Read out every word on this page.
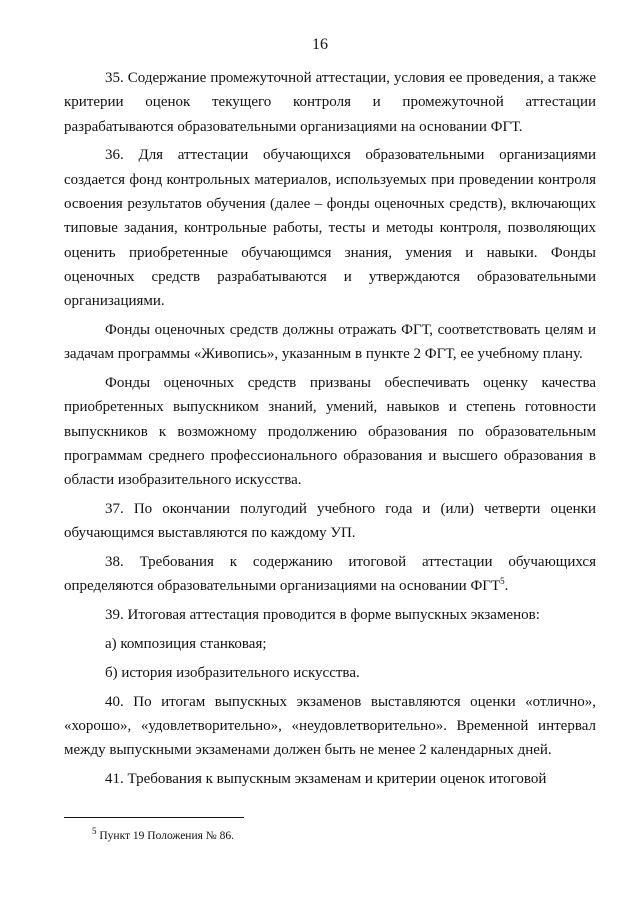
16

35. Содержание промежуточной аттестации, условия ее проведения, а также критерии оценок текущего контроля и промежуточной аттестации разрабатываются образовательными организациями на основании ФГТ.

36. Для аттестации обучающихся образовательными организациями создается фонд контрольных материалов, используемых при проведении контроля освоения результатов обучения (далее – фонды оценочных средств), включающих типовые задания, контрольные работы, тесты и методы контроля, позволяющих оценить приобретенные обучающимся знания, умения и навыки. Фонды оценочных средств разрабатываются и утверждаются образовательными организациями.

Фонды оценочных средств должны отражать ФГТ, соответствовать целям и задачам программы «Живопись», указанным в пункте 2 ФГТ, ее учебному плану.

Фонды оценочных средств призваны обеспечивать оценку качества приобретенных выпускником знаний, умений, навыков и степень готовности выпускников к возможному продолжению образования по образовательным программам среднего профессионального образования и высшего образования в области изобразительного искусства.

37. По окончании полугодий учебного года и (или) четверти оценки обучающимся выставляются по каждому УП.

38. Требования к содержанию итоговой аттестации обучающихся определяются образовательными организациями на основании ФГТ$^5$.

39. Итоговая аттестация проводится в форме выпускных экзаменов:

а) композиция станковая;

б) история изобразительного искусства.

40. По итогам выпускных экзаменов выставляются оценки «отлично», «хорошо», «удовлетворительно», «неудовлетворительно». Временной интервал между выпускными экзаменами должен быть не менее 2 календарных дней.

41. Требования к выпускным экзаменам и критерии оценок итоговой

$^5$ Пункт 19 Положения № 86.
